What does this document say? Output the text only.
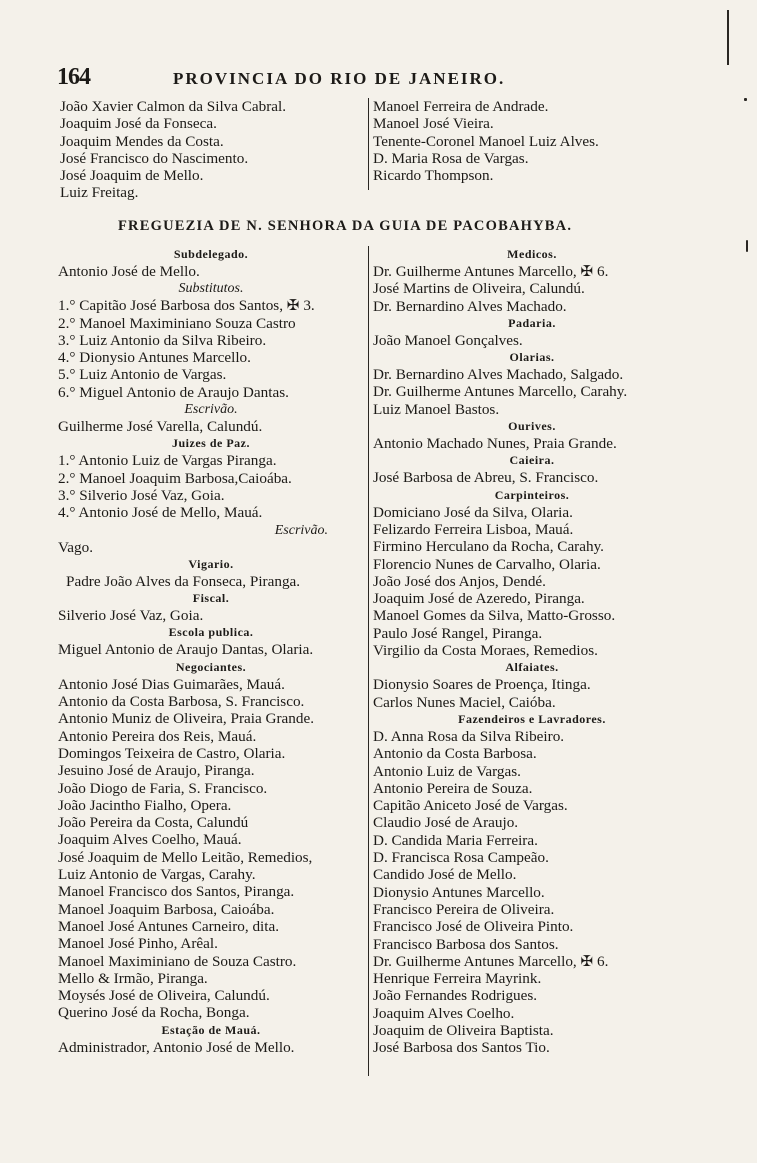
164	PROVINCIA DO RIO DE JANEIRO.
João Xavier Calmon da Silva Cabral.
Joaquim José da Fonseca.
Joaquim Mendes da Costa.
José Francisco do Nascimento.
José Joaquim de Mello.
Luiz Freitag.
Manoel Ferreira de Andrade.
Manoel José Vieira.
Tenente-Coronel Manoel Luiz Alves.
D. Maria Rosa de Vargas.
Ricardo Thompson.
FREGUEZIA DE N. SENHORA DA GUIA DE PACOBAHYBA.
Subdelegado.
Antonio José de Mello.
Substitutos.
1.° Capitão José Barbosa dos Santos, ✠ 3.
2.° Manoel Maximiniano Souza Castro
3.° Luiz Antonio da Silva Ribeiro.
4.° Dionysio Antunes Marcello.
5.° Luiz Antonio de Vargas.
6.° Miguel Antonio de Araujo Dantas.
Escrivão.
Guilherme José Varella, Calundú.
Juizes de Paz.
1.° Antonio Luiz de Vargas Piranga.
2.° Manoel Joaquim Barbosa,Caioába.
3.° Silverio José Vaz, Goia.
4.° Antonio José de Mello, Mauá.
Escrivão.
Vago.
Vigario.
Padre João Alves da Fonseca, Piranga.
Fiscal.
Silverio José Vaz, Goia.
Escola publica.
Miguel Antonio de Araujo Dantas, Olaria.
Negociantes.
Antonio José Dias Guimarães, Mauá.
Antonio da Costa Barbosa, S. Francisco.
Antonio Muniz de Oliveira, Praia Grande.
Antonio Pereira dos Reis, Mauá.
Domingos Teixeira de Castro, Olaria.
Jesuino José de Araujo, Piranga.
João Diogo de Faria, S. Francisco.
João Jacintho Fialho, Opera.
João Pereira da Costa, Calundú
Joaquim Alves Coelho, Mauá.
José Joaquim de Mello Leitão, Remedios,
Luiz Antonio de Vargas, Carahy.
Manoel Francisco dos Santos, Piranga.
Manoel Joaquim Barbosa, Caioába.
Manoel José Antunes Carneiro, dita.
Manoel José Pinho, Arêal.
Manoel Maximiniano de Souza Castro.
Mello & Irmão, Piranga.
Moysés José de Oliveira, Calundú.
Querino José da Rocha, Bonga.
Estação de Mauá.
Administrador, Antonio José de Mello.
Medicos.
Dr. Guilherme Antunes Marcello, ✠ 6.
José Martins de Oliveira, Calundú.
Dr. Bernardino Alves Machado.
Padaria.
João Manoel Gonçalves.
Olarias.
Dr. Bernardino Alves Machado, Salgado.
Dr. Guilherme Antunes Marcello, Carahy.
Luiz Manoel Bastos.
Ourives.
Antonio Machado Nunes, Praia Grande.
Caieira.
José Barbosa de Abreu, S. Francisco.
Carpinteiros.
Domiciano José da Silva, Olaria.
Felizardo Ferreira Lisboa, Mauá.
Firmino Herculano da Rocha, Carahy.
Florencio Nunes de Carvalho, Olaria.
João José dos Anjos, Dendé.
Joaquim José de Azeredo, Piranga.
Manoel Gomes da Silva, Matto-Grosso.
Paulo José Rangel, Piranga.
Virgilio da Costa Moraes, Remedios.
Alfaiates.
Dionysio Soares de Proença, Itinga.
Carlos Nunes Maciel, Caióba.
Fazendeiros e Lavradores.
D. Anna Rosa da Silva Ribeiro.
Antonio da Costa Barbosa.
Antonio Luiz de Vargas.
Antonio Pereira de Souza.
Capitão Aniceto José de Vargas.
Claudio José de Araujo.
D. Candida Maria Ferreira.
D. Francisca Rosa Campeão.
Candido José de Mello.
Dionysio Antunes Marcello.
Francisco Pereira de Oliveira.
Francisco José de Oliveira Pinto.
Francisco Barbosa dos Santos.
Dr. Guilherme Antunes Marcello, ✠ 6.
Henrique Ferreira Mayrink.
João Fernandes Rodrigues.
Joaquim Alves Coelho.
Joaquim de Oliveira Baptista.
José Barbosa dos Santos Tio.
